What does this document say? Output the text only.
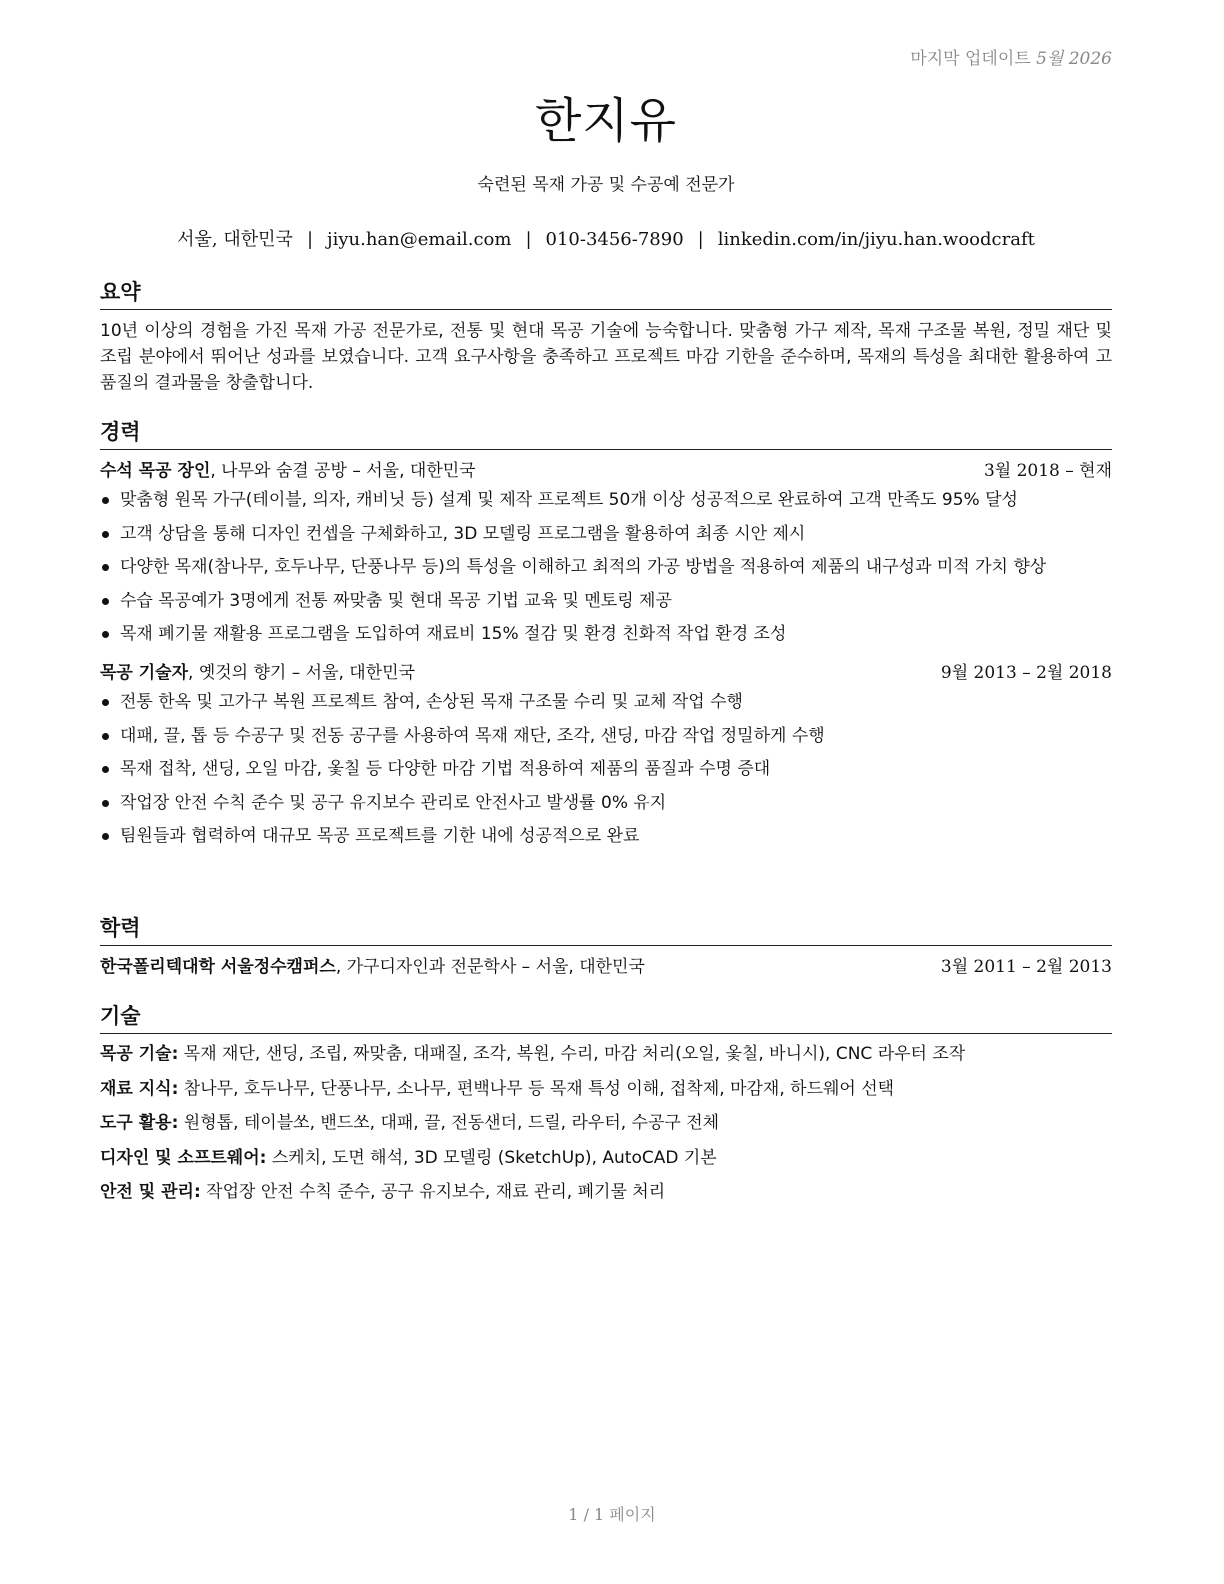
마지막 업데이트 5월 2026
한지유
숙련된 목재 가공 및 수공예 전문가
서울, 대한민국 | jiyu.han@email.com | 010-3456-7890 | linkedin.com/in/jiyu.han.woodcraft
요약

10년 이상의 경험을 가진 목재 가공 전문가로, 전통 및 현대 목공 기술에 능숙합니다. 맞춤형 가구 제작, 목재 구조물 복원, 정밀 재단 및 조립 분야에서 뛰어난 성과를 보였습니다. 고객 요구사항을 충족하고 프로젝트 마감 기한을 준수하며, 목재의 특성을 최대한 활용하여 고품질의 결과물을 창출합니다.

경력
수석 목공 장인, 나무와 숨결 공방 – 서울, 대한민국	3월 2018 – 현재
맞춤형 원목 가구(테이블, 의자, 캐비닛 등) 설계 및 제작 프로젝트 50개 이상 성공적으로 완료하여 고객 만족도 95% 달성
고객 상담을 통해 디자인 컨셉을 구체화하고, 3D 모델링 프로그램을 활용하여 최종 시안 제시
다양한 목재(참나무, 호두나무, 단풍나무 등)의 특성을 이해하고 최적의 가공 방법을 적용하여 제품의 내구성과 미적 가치 향상
수습 목공예가 3명에게 전통 짜맞춤 및 현대 목공 기법 교육 및 멘토링 제공
목재 폐기물 재활용 프로그램을 도입하여 재료비 15% 절감 및 환경 친화적 작업 환경 조성
목공 기술자, 옛것의 향기 – 서울, 대한민국	9월 2013 – 2월 2018
전통 한옥 및 고가구 복원 프로젝트 참여, 손상된 목재 구조물 수리 및 교체 작업 수행
대패, 끌, 톱 등 수공구 및 전동 공구를 사용하여 목재 재단, 조각, 샌딩, 마감 작업 정밀하게 수행
목재 접착, 샌딩, 오일 마감, 옻칠 등 다양한 마감 기법 적용하여 제품의 품질과 수명 증대
작업장 안전 수칙 준수 및 공구 유지보수 관리로 안전사고 발생률 0% 유지
팀원들과 협력하여 대규모 목공 프로젝트를 기한 내에 성공적으로 완료
학력
한국폴리텍대학 서울정수캠퍼스, 가구디자인과 전문학사 – 서울, 대한민국	3월 2011 – 2월 2013
기술
목공 기술: 목재 재단, 샌딩, 조립, 짜맞춤, 대패질, 조각, 복원, 수리, 마감 처리(오일, 옻칠, 바니시), CNC 라우터 조작
재료 지식: 참나무, 호두나무, 단풍나무, 소나무, 편백나무 등 목재 특성 이해, 접착제, 마감재, 하드웨어 선택
도구 활용: 원형톱, 테이블쏘, 밴드쏘, 대패, 끌, 전동샌더, 드릴, 라우터, 수공구 전체
디자인 및 소프트웨어: 스케치, 도면 해석, 3D 모델링 (SketchUp), AutoCAD 기본
안전 및 관리: 작업장 안전 수칙 준수, 공구 유지보수, 재료 관리, 폐기물 처리
1 / 1 페이지
